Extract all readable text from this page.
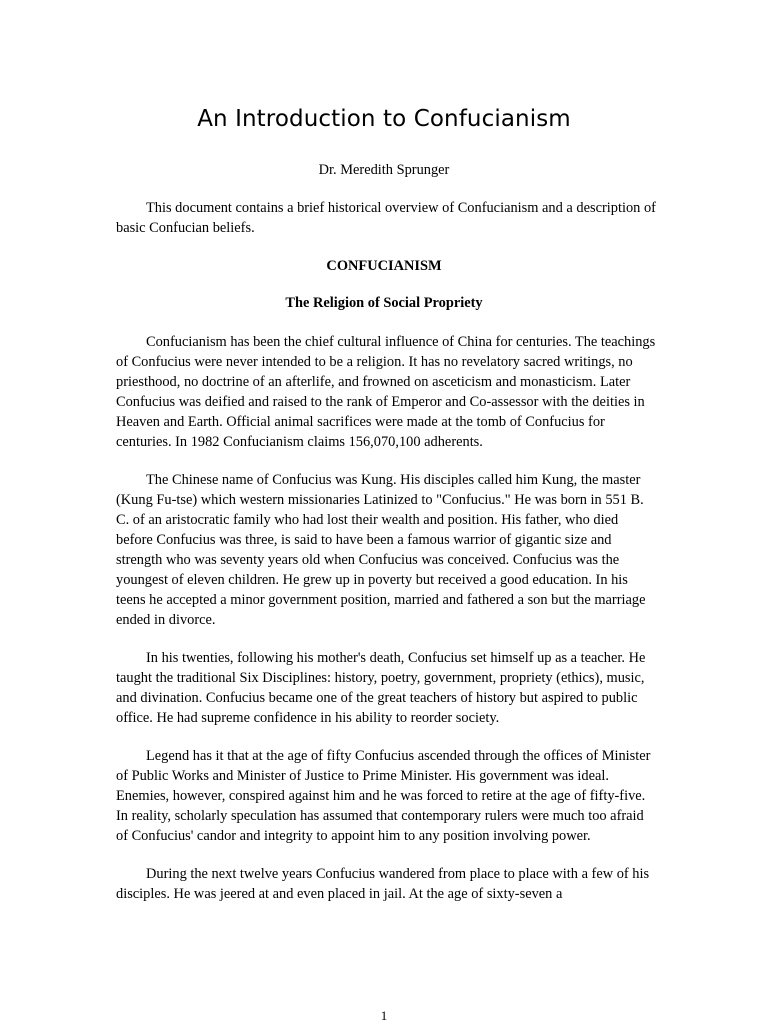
An Introduction to Confucianism
Dr. Meredith Sprunger

This document contains a brief historical overview of Confucianism and a description of basic Confucian beliefs.

CONFUCIANISM
The Religion of Social Propriety

Confucianism has been the chief cultural influence of China for centuries. The teachings of Confucius were never intended to be a religion. It has no revelatory sacred writings, no priesthood, no doctrine of an afterlife, and frowned on asceticism and monasticism. Later Confucius was deified and raised to the rank of Emperor and Co-assessor with the deities in Heaven and Earth. Official animal sacrifices were made at the tomb of Confucius for centuries. In 1982 Confucianism claims 156,070,100 adherents.

The Chinese name of Confucius was Kung. His disciples called him Kung, the master (Kung Fu-tse) which western missionaries Latinized to "Confucius." He was born in 551 B. C. of an aristocratic family who had lost their wealth and position. His father, who died before Confucius was three, is said to have been a famous warrior of gigantic size and strength who was seventy years old when Confucius was conceived. Confucius was the youngest of eleven children. He grew up in poverty but received a good education. In his teens he accepted a minor government position, married and fathered a son but the marriage ended in divorce.

In his twenties, following his mother's death, Confucius set himself up as a teacher. He taught the traditional Six Disciplines: history, poetry, government, propriety (ethics), music, and divination. Confucius became one of the great teachers of history but aspired to public office. He had supreme confidence in his ability to reorder society.

Legend has it that at the age of fifty Confucius ascended through the offices of Minister of Public Works and Minister of Justice to Prime Minister. His government was ideal. Enemies, however, conspired against him and he was forced to retire at the age of fifty-five. In reality, scholarly speculation has assumed that contemporary rulers were much too afraid of Confucius' candor and integrity to appoint him to any position involving power.

During the next twelve years Confucius wandered from place to place with a few of his disciples. He was jeered at and even placed in jail. At the age of sixty-seven a

1
